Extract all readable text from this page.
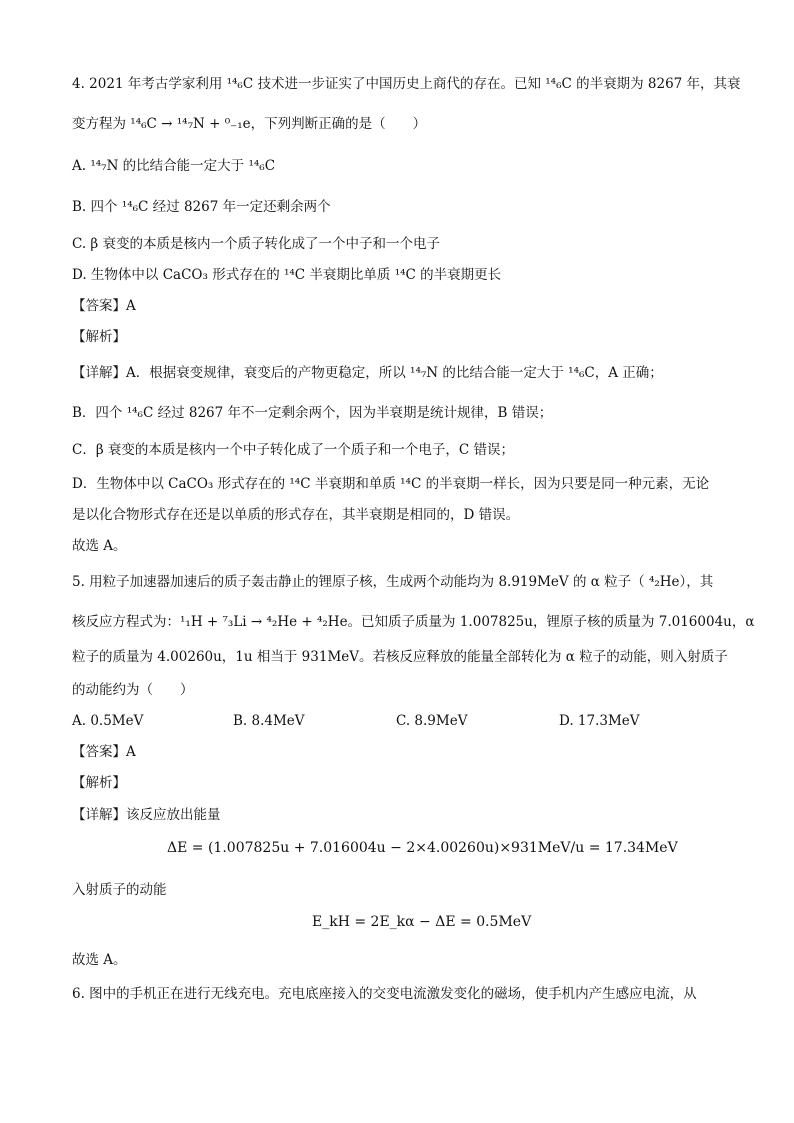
4. 2021 年考古学家利用 ¹⁴₆C 技术进一步证实了中国历史上商代的存在。已知 ¹⁴₆C 的半衰期为 8267 年，其衰
变方程为 ¹⁴₆C → ¹⁴₇N + ⁰₋₁e，下列判断正确的是（　　）
A. ¹⁴₇N 的比结合能一定大于 ¹⁴₆C
B. 四个 ¹⁴₆C 经过 8267 年一定还剩余两个
C. β 衰变的本质是核内一个质子转化成了一个中子和一个电子
D. 生物体中以 CaCO₃ 形式存在的 ¹⁴C 半衰期比单质 ¹⁴C 的半衰期更长
【答案】A
【解析】
【详解】A．根据衰变规律，衰变后的产物更稳定，所以 ¹⁴₇N 的比结合能一定大于 ¹⁴₆C，A 正确；
B．四个 ¹⁴₆C 经过 8267 年不一定剩余两个，因为半衰期是统计规律，B 错误；
C．β 衰变的本质是核内一个中子转化成了一个质子和一个电子，C 错误；
D．生物体中以 CaCO₃ 形式存在的 ¹⁴C 半衰期和单质 ¹⁴C 的半衰期一样长，因为只要是同一种元素，无论
是以化合物形式存在还是以单质的形式存在，其半衰期是相同的，D 错误。
故选 A。
5. 用粒子加速器加速后的质子轰击静止的锂原子核，生成两个动能均为 8.919MeV 的 α 粒子（ ⁴₂He），其
核反应方程式为：¹₁H + ⁷₃Li → ⁴₂He + ⁴₂He。已知质子质量为 1.007825u，锂原子核的质量为 7.016004u，α
粒子的质量为 4.00260u，1u 相当于 931MeV。若核反应释放的能量全部转化为 α 粒子的动能，则入射质子
的动能约为（　　）
A. 0.5MeV	B. 8.4MeV	C. 8.9MeV	D. 17.3MeV
【答案】A
【解析】
【详解】该反应放出能量
ΔE = (1.007825u + 7.016004u − 2×4.00260u)×931MeV/u = 17.34MeV
入射质子的动能
E_kH = 2E_kα − ΔE = 0.5MeV
故选 A。
6. 图中的手机正在进行无线充电。充电底座接入的交变电流激发变化的磁场，使手机内产生感应电流，从
